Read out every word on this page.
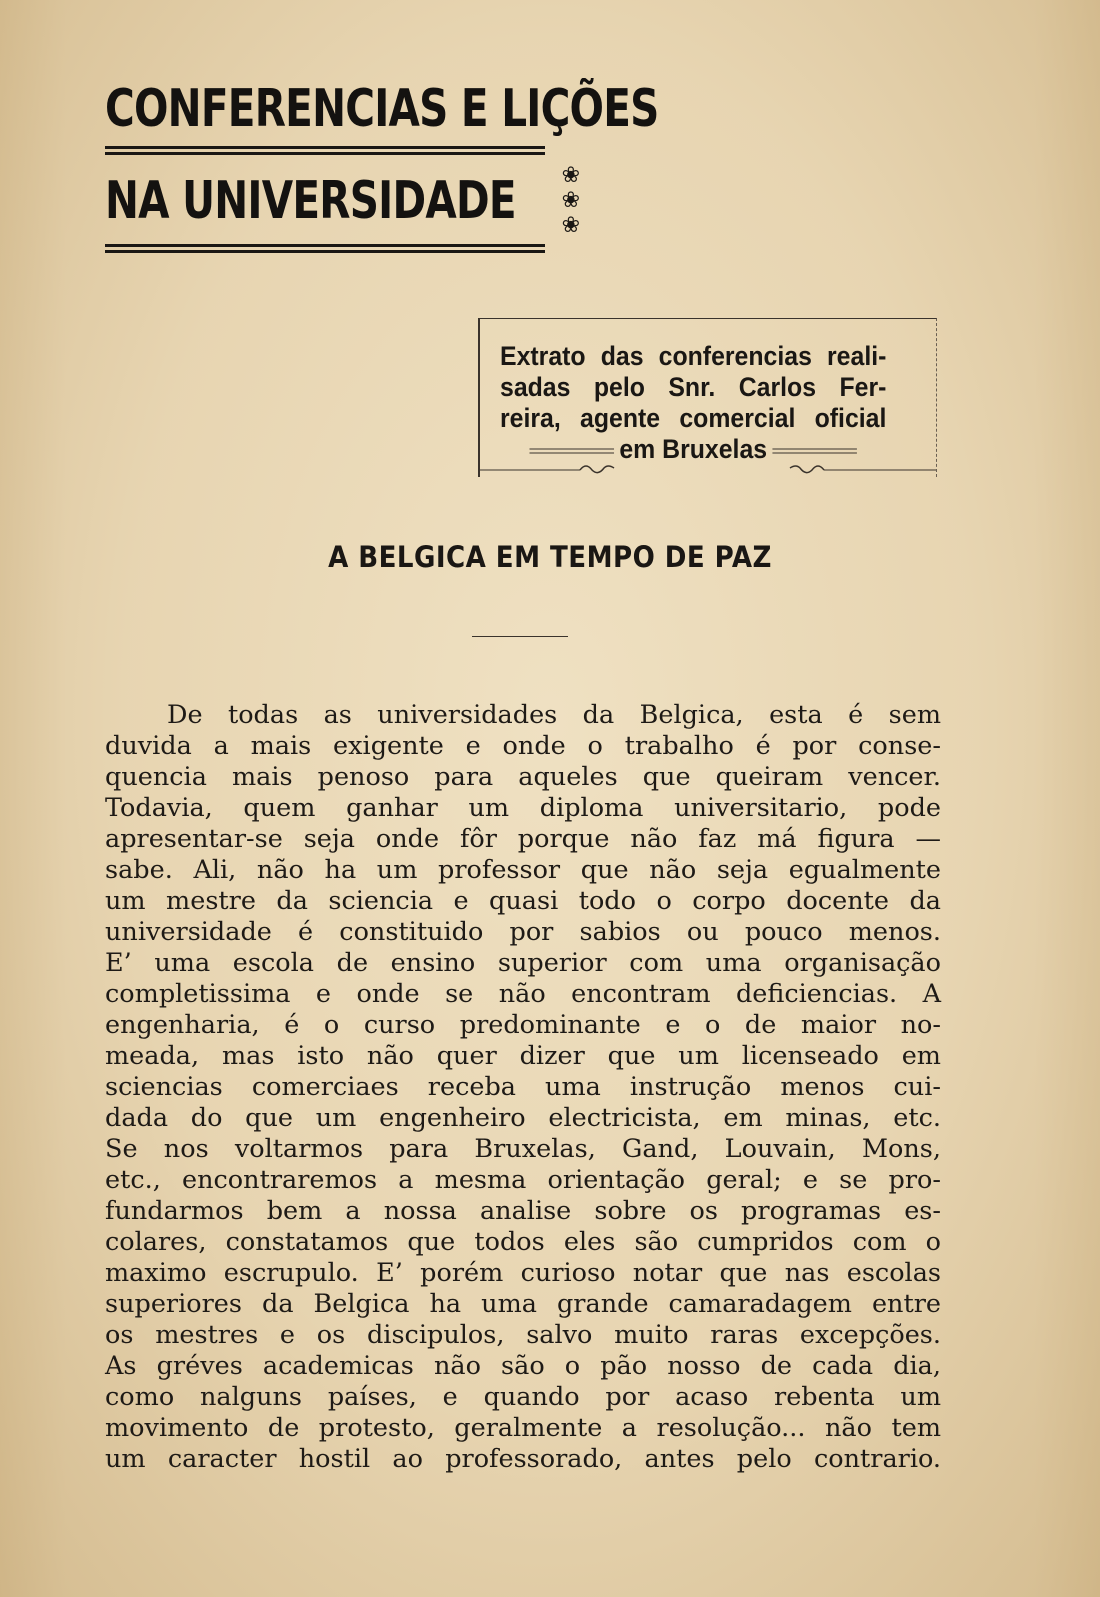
CONFERENCIAS E LIÇÕES
NA UNIVERSIDADE ❀ ❀ ❀
Extrato das conferencias reali-
sadas pelo Snr. Carlos Fer-
reira, agente comercial oficial
em Bruxelas
A BELGICA EM TEMPO DE PAZ
De todas as universidades da Belgica, esta é sem
duvida a mais exigente e onde o trabalho é por conse-
quencia mais penoso para aqueles que queiram vencer.
Todavia, quem ganhar um diploma universitario, pode
apresentar-se seja onde fôr porque não faz má figura —
sabe. Ali, não ha um professor que não seja egualmente
um mestre da sciencia e quasi todo o corpo docente da
universidade é constituido por sabios ou pouco menos.
E’ uma escola de ensino superior com uma organisação
completissima e onde se não encontram deficiencias. A
engenharia, é o curso predominante e o de maior no-
meada, mas isto não quer dizer que um licenseado em
sciencias comerciaes receba uma instrução menos cui-
dada do que um engenheiro electricista, em minas, etc.
Se nos voltarmos para Bruxelas, Gand, Louvain, Mons,
etc., encontraremos a mesma orientação geral; e se pro-
fundarmos bem a nossa analise sobre os programas es-
colares, constatamos que todos eles são cumpridos com o
maximo escrupulo. E’ porém curioso notar que nas escolas
superiores da Belgica ha uma grande camaradagem entre
os mestres e os discipulos, salvo muito raras excepções.
As gréves academicas não são o pão nosso de cada dia,
como nalguns países, e quando por acaso rebenta um
movimento de protesto, geralmente a resolução... não tem
um caracter hostil ao professorado, antes pelo contrario.
